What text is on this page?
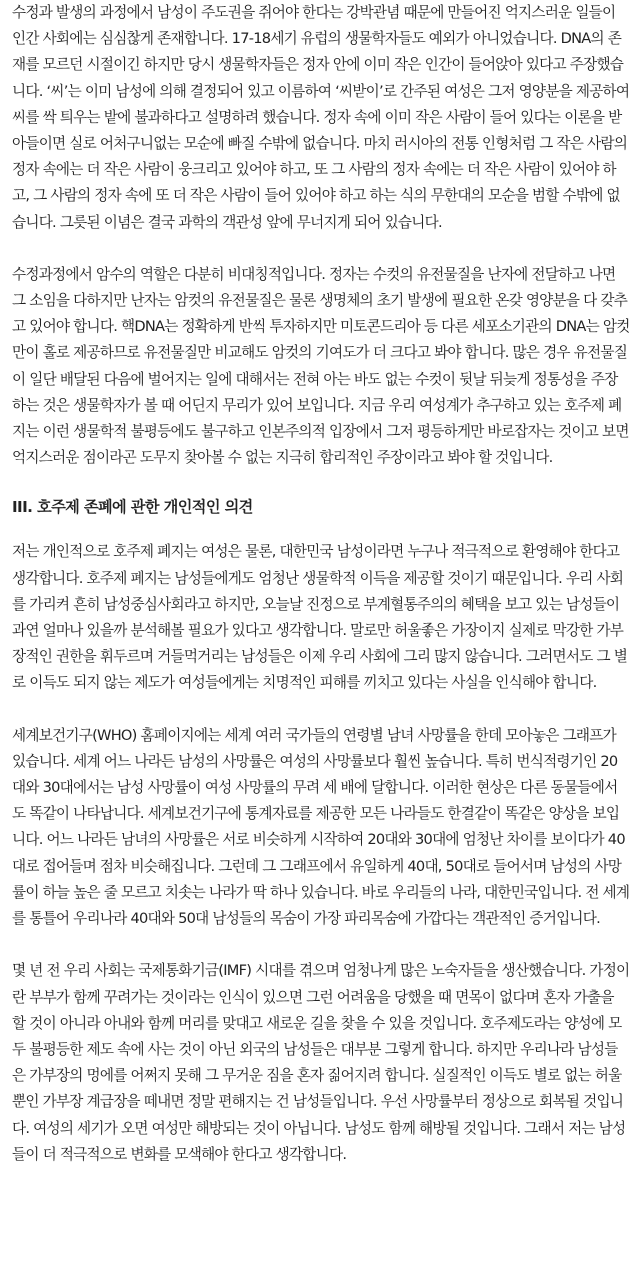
수정과 발생의 과정에서 남성이 주도권을 쥐어야 한다는 강박관념 때문에 만들어진 억지스러운 일들이 인간 사회에는 심심찮게 존재합니다. 17-18세기 유럽의 생물학자들도 예외가 아니었습니다. DNA의 존재를 모르던 시절이긴 하지만 당시 생물학자들은 정자 안에 이미 작은 인간이 들어앉아 있다고 주장했습니다. ‘씨’는 이미 남성에 의해 결정되어 있고 이름하여 ‘씨받이’로 간주된 여성은 그저 영양분을 제공하여 씨를 싹 틔우는 밭에 불과하다고 설명하려 했습니다. 정자 속에 이미 작은 사람이 들어 있다는 이론을 받아들이면 실로 어처구니없는 모순에 빠질 수밖에 없습니다. 마치 러시아의 전통 인형처럼 그 작은 사람의 정자 속에는 더 작은 사람이 웅크리고 있어야 하고, 또 그 사람의 정자 속에는 더 작은 사람이 있어야 하고, 그 사람의 정자 속에 또 더 작은 사람이 들어 있어야 하고 하는 식의 무한대의 모순을 범할 수밖에 없습니다. 그릇된 이념은 결국 과학의 객관성 앞에 무너지게 되어 있습니다.

수정과정에서 암수의 역할은 다분히 비대칭적입니다. 정자는 수컷의 유전물질을 난자에 전달하고 나면 그 소임을 다하지만 난자는 암컷의 유전물질은 물론 생명체의 초기 발생에 필요한 온갖 영양분을 다 갖추고 있어야 합니다. 핵DNA는 정확하게 반씩 투자하지만 미토콘드리아 등 다른 세포소기관의 DNA는 암컷만이 홀로 제공하므로 유전물질만 비교해도 암컷의 기여도가 더 크다고 봐야 합니다. 많은 경우 유전물질이 일단 배달된 다음에 벌어지는 일에 대해서는 전혀 아는 바도 없는 수컷이 뒷날 뒤늦게 정통성을 주장하는 것은 생물학자가 볼 때 어딘지 무리가 있어 보입니다. 지금 우리 여성계가 추구하고 있는 호주제 폐지는 이런 생물학적 불평등에도 불구하고 인본주의적 입장에서 그저 평등하게만 바로잡자는 것이고 보면 억지스러운 점이라곤 도무지 찾아볼 수 없는 지극히 합리적인 주장이라고 봐야 할 것입니다.

III. 호주제 존폐에 관한 개인적인 의견

저는 개인적으로 호주제 폐지는 여성은 물론, 대한민국 남성이라면 누구나 적극적으로 환영해야 한다고 생각합니다. 호주제 폐지는 남성들에게도 엄청난 생물학적 이득을 제공할 것이기 때문입니다. 우리 사회를 가리켜 흔히 남성중심사회라고 하지만, 오늘날 진정으로 부계혈통주의의 혜택을 보고 있는 남성들이 과연 얼마나 있을까 분석해볼 필요가 있다고 생각합니다. 말로만 허울좋은 가장이지 실제로 막강한 가부장적인 권한을 휘두르며 거들먹거리는 남성들은 이제 우리 사회에 그리 많지 않습니다. 그러면서도 그 별로 이득도 되지 않는 제도가 여성들에게는 치명적인 피해를 끼치고 있다는 사실을 인식해야 합니다.

세계보건기구(WHO) 홈페이지에는 세계 여러 국가들의 연령별 남녀 사망률을 한데 모아놓은 그래프가 있습니다. 세계 어느 나라든 남성의 사망률은 여성의 사망률보다 훨씬 높습니다. 특히 번식적령기인 20대와 30대에서는 남성 사망률이 여성 사망률의 무려 세 배에 달합니다. 이러한 현상은 다른 동물들에서도 똑같이 나타납니다. 세계보건기구에 통계자료를 제공한 모든 나라들도 한결같이 똑같은 양상을 보입니다. 어느 나라든 남녀의 사망률은 서로 비슷하게 시작하여 20대와 30대에 엄청난 차이를 보이다가 40대로 접어들며 점차 비슷해집니다. 그런데 그 그래프에서 유일하게 40대, 50대로 들어서며 남성의 사망률이 하늘 높은 줄 모르고 치솟는 나라가 딱 하나 있습니다. 바로 우리들의 나라, 대한민국입니다. 전 세계를 통틀어 우리나라 40대와 50대 남성들의 목숨이 가장 파리목숨에 가깝다는 객관적인 증거입니다.

몇 년 전 우리 사회는 국제통화기금(IMF) 시대를 겪으며 엄청나게 많은 노숙자들을 생산했습니다. 가정이란 부부가 함께 꾸려가는 것이라는 인식이 있으면 그런 어려움을 당했을 때 면목이 없다며 혼자 가출을 할 것이 아니라 아내와 함께 머리를 맞대고 새로운 길을 찾을 수 있을 것입니다. 호주제도라는 양성에 모두 불평등한 제도 속에 사는 것이 아닌 외국의 남성들은 대부분 그렇게 합니다. 하지만 우리나라 남성들은 가부장의 멍에를 어쩌지 못해 그 무거운 짐을 혼자 짊어지려 합니다. 실질적인 이득도 별로 없는 허울뿐인 가부장 계급장을 떼내면 정말 편해지는 건 남성들입니다. 우선 사망률부터 정상으로 회복될 것입니다. 여성의 세기가 오면 여성만 해방되는 것이 아닙니다. 남성도 함께 해방될 것입니다. 그래서 저는 남성들이 더 적극적으로 변화를 모색해야 한다고 생각합니다.
